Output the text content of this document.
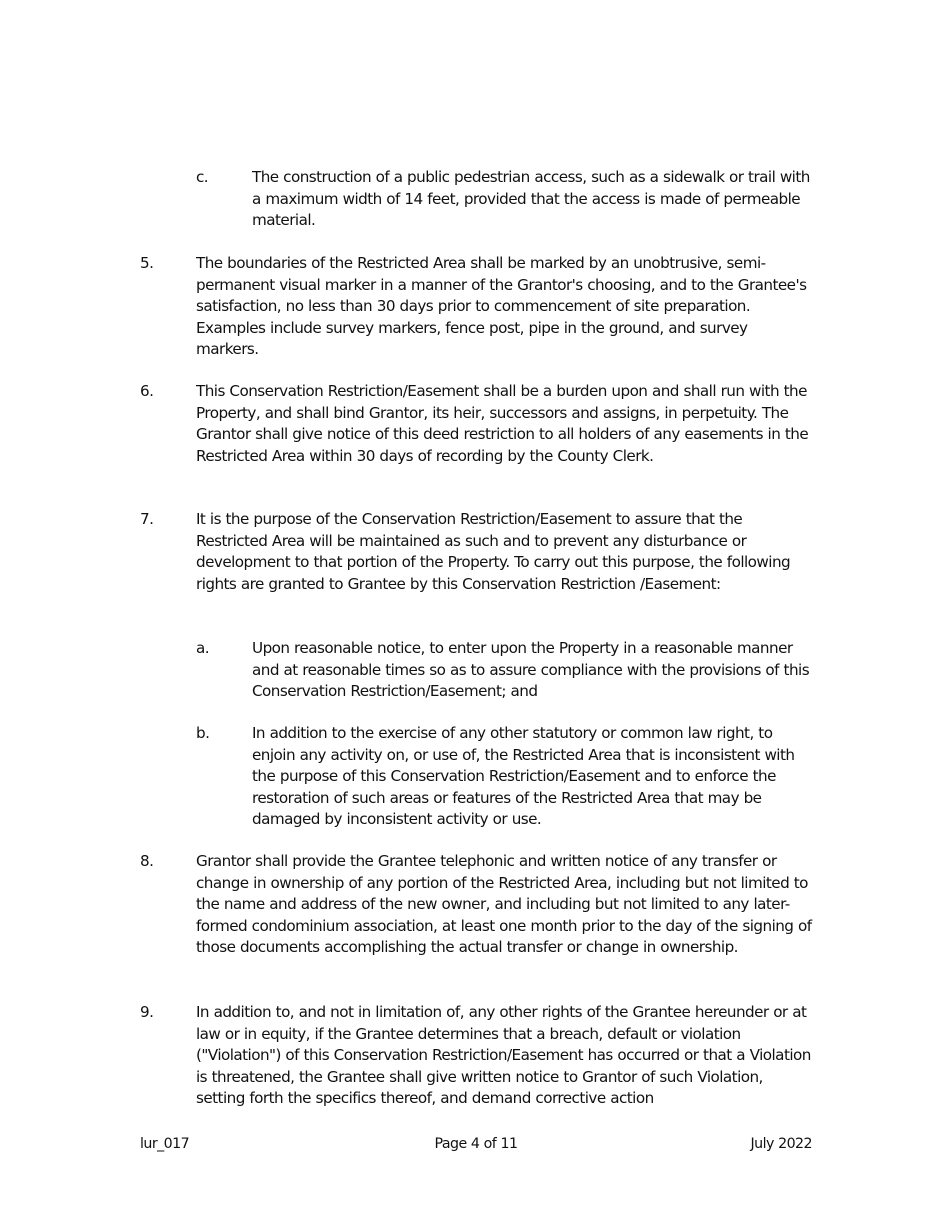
c.	The construction of a public pedestrian access, such as a sidewalk or trail with a maximum width of 14 feet, provided that the access is made of permeable material.
5.	The boundaries of the Restricted Area shall be marked by an unobtrusive, semi-permanent visual marker in a manner of the Grantor's choosing, and to the Grantee's satisfaction, no less than 30 days prior to commencement of site preparation. Examples include survey markers, fence post, pipe in the ground, and survey markers.
6.	This Conservation Restriction/Easement shall be a burden upon and shall run with the Property, and shall bind Grantor, its heir, successors and assigns, in perpetuity. The Grantor shall give notice of this deed restriction to all holders of any easements in the Restricted Area within 30 days of recording by the County Clerk.
7.	It is the purpose of the Conservation Restriction/Easement to assure that the Restricted Area will be maintained as such and to prevent any disturbance or development to that portion of the Property. To carry out this purpose, the following rights are granted to Grantee by this Conservation Restriction /Easement:
a.	Upon reasonable notice, to enter upon the Property in a reasonable manner and at reasonable times so as to assure compliance with the provisions of this Conservation Restriction/Easement; and
b.	In addition to the exercise of any other statutory or common law right, to enjoin any activity on, or use of, the Restricted Area that is inconsistent with the purpose of this Conservation Restriction/Easement and to enforce the restoration of such areas or features of the Restricted Area that may be damaged by inconsistent activity or use.
8.	Grantor shall provide the Grantee telephonic and written notice of any transfer or change in ownership of any portion of the Restricted Area, including but not limited to the name and address of the new owner, and including but not limited to any later-formed condominium association, at least one month prior to the day of the signing of those documents accomplishing the actual transfer or change in ownership.
9.	In addition to, and not in limitation of, any other rights of the Grantee hereunder or at law or in equity, if the Grantee determines that a breach, default or violation ("Violation") of this Conservation Restriction/Easement has occurred or that a Violation is threatened, the Grantee shall give written notice to Grantor of such Violation, setting forth the specifics thereof, and demand corrective action
lur_017	Page 4 of 11	July 2022
